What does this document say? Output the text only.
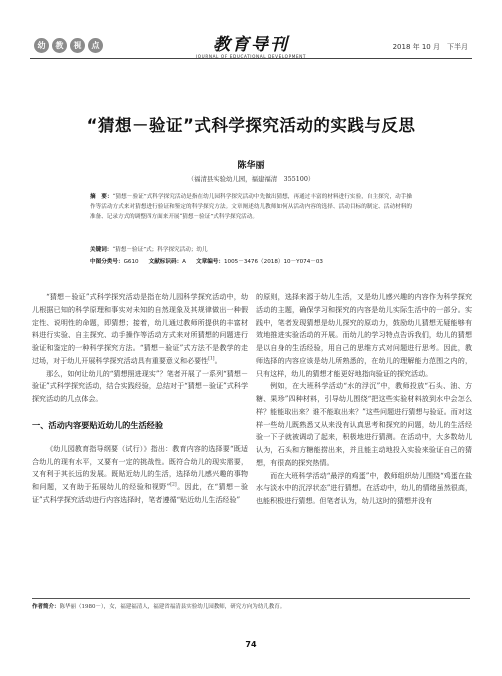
幼	教	視	点	教育导刊
JOURNAL OF EDUCATIONAL DEVELOPMENT
2018 年 10 月　下半月
“猜想－验证”式科学探究活动的实践与反思
陈华丽
（福清县实验幼儿园，福建福清　355100）
摘　要：“猜想－验证”式科学探究活动是指在幼儿园科学探究活动中先做出猜想，再通过丰富的材料进行实验，自主探究，动手操作等活动方式来对猜想进行验证和鉴定的科学探究方法。文章阐述幼儿教师如何从活动内容的选择、活动目标的制定、活动材料的准备、记录方式的调整四方面来开展“猜想－验证”式科学探究活动。
关键词：“猜想－验证”式；科学探究活动；幼儿
中图分类号：G610 文献标识码：A 文章编号：1005－3476（2018）10－Y074－03

“猜想－验证”式科学探究活动是指在幼儿园科学探究活动中，幼儿根据已知的科学原理和事实对未知的自然现象及其规律做出一种假定性、说明性的命题，即猜想；接着，幼儿通过教师所提供的丰富材料进行实验、自主探究、动手操作等活动方式来对所猜想的问题进行验证和鉴定的一种科学探究方法。“猜想－验证”式方法不是教学的走过场，对于幼儿开展科学探究活动具有重要意义和必要性[1]。

那么，如何让幼儿的“猜想照进现实”？笔者开展了一系列“猜想－验证”式科学探究活动，结合实践经验，总结对于“猜想－验证”式科学探究活动的几点体会。

一、活动内容要贴近幼儿的生活经验

《幼儿园教育指导纲要（试行）》指出：教育内容的选择要“既适合幼儿的现有水平，又要有一定的挑战性。既符合幼儿的现实需要，又有利于其长远的发展。既贴近幼儿的生活，选择幼儿感兴趣的事物和问题，又有助于拓展幼儿的经验和视野”[2]。因此，在“猜想－验证”式科学探究活动进行内容选择时，笔者遵循“贴近幼儿生活经验”

的原则，选择来源于幼儿生活，又是幼儿感兴趣的内容作为科学探究活动的主题，确保学习和探究的内容是幼儿实际生活中的一部分。实践中，笔者发现猜想是幼儿探究的原动力，鼓励幼儿猜想无疑能够有效地推进实验活动的开展。而幼儿的学习特点告诉我们，幼儿的猜想是以自身的生活经验，用自己的思维方式对问题进行思考。因此，教师选择的内容应该是幼儿所熟悉的，在幼儿的理解能力范围之内的，只有这样，幼儿的猜想才能更好地指向验证的探究活动。

例如，在大班科学活动“水的浮沉”中，教师投放“石头、油、方糖、果珍”四种材料，引导幼儿围绕“把这些实验材料放到水中会怎么样？能能取出来？谁不能取出来？”这些问题进行猜想与验证。而对这样一些幼儿既熟悉又从来没有认真思考和探究的问题，幼儿的生活经验一下子就被调动了起来，积极地进行猜测。在活动中，大多数幼儿认为，石头和方糖能捞出来，并且能主动地投入实验来验证自己的猜想，有很高的探究热情。

而在大班科学活动“最浮的鸡蛋”中，教师组织幼儿围绕“鸡蛋在盐水与淡水中的沉浮状态”进行猜想。在活动中，幼儿的情绪虽然很高，也能积极进行猜想。但笔者认为，幼儿这时的猜想并没有

作者简介：陈华丽（1980－），女，福建福清人，福建省福清县实验幼儿园教师，研究方向为幼儿教育。
74
